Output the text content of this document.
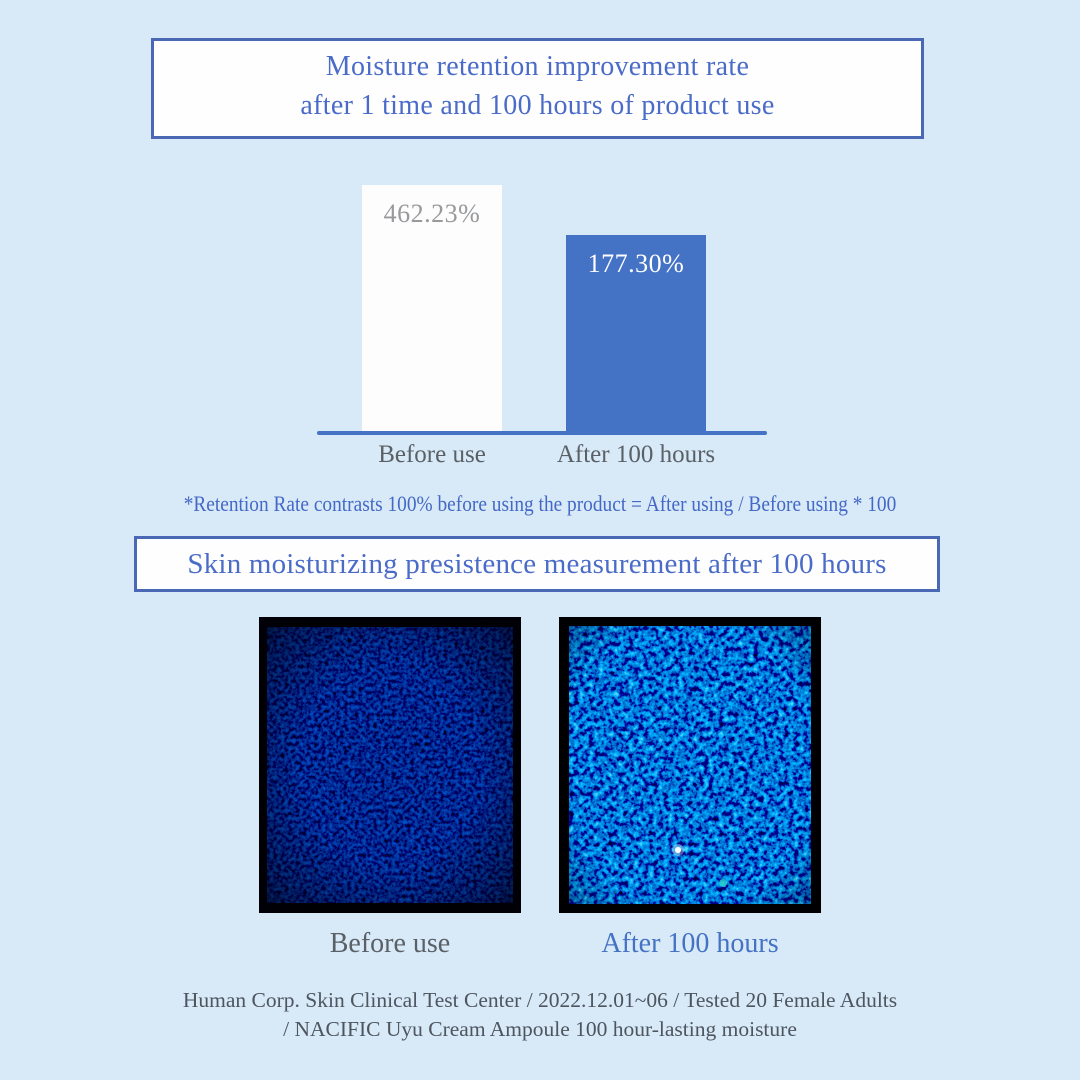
Moisture retention improvement rate
after 1 time and 100 hours of product use
462.23%
177.30%
Before use	After 100 hours
*Retention Rate contrasts 100% before using the product = After using / Before using * 100
Skin moisturizing presistence measurement after 100 hours
Before use	After 100 hours
Human Corp. Skin Clinical Test Center / 2022.12.01~06 / Tested 20 Female Adults
/ NACIFIC Uyu Cream Ampoule 100 hour-lasting moisture
